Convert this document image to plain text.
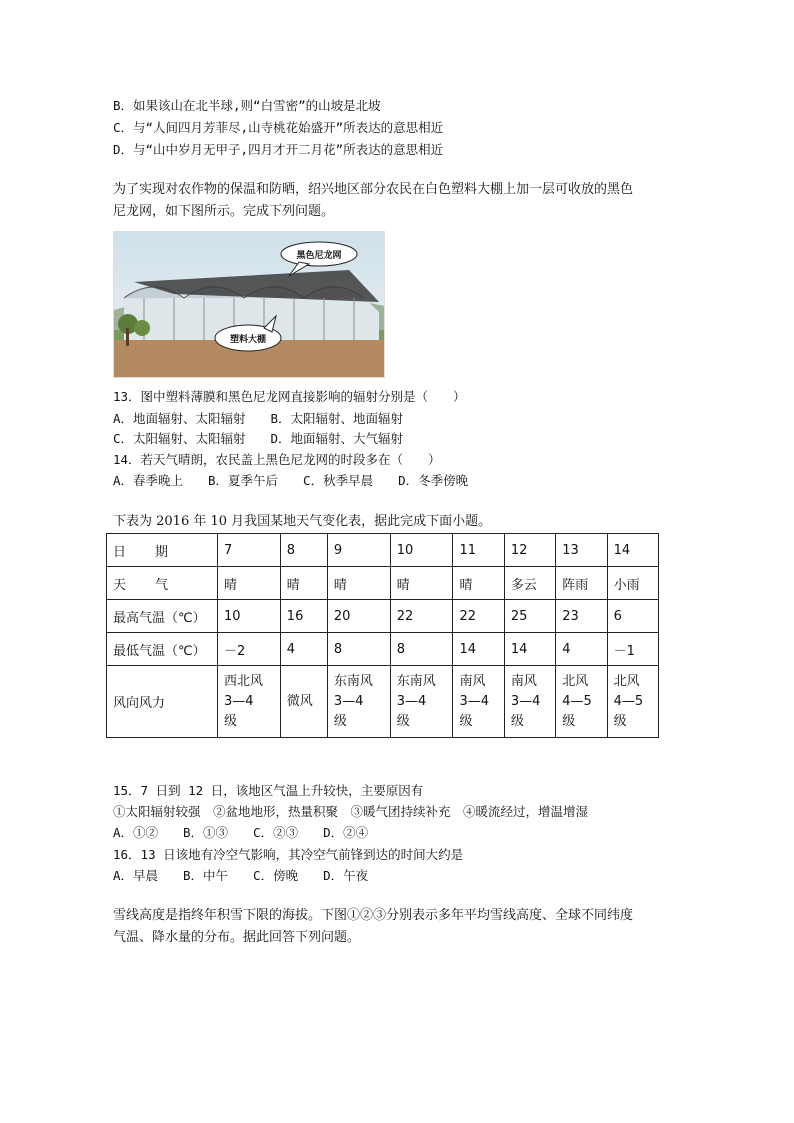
B．如果该山在北半球,则“白雪密”的山坡是北坡
C．与“人间四月芳菲尽,山寺桃花始盛开”所表达的意思相近
D．与“山中岁月无甲子,四月才开二月花”所表达的意思相近
为了实现对农作物的保温和防晒，绍兴地区部分农民在白色塑料大棚上加一层可收放的黑色
尼龙网，如下图所示。完成下列问题。
黑色尼龙网
塑料大棚
13．图中塑料薄膜和黑色尼龙网直接影响的辐射分别是（　　）
A．地面辐射、太阳辐射　　B．太阳辐射、地面辐射
C．太阳辐射、太阳辐射　　D．地面辐射、大气辐射
14．若天气晴朗，农民盖上黑色尼龙网的时段多在（　　）
A．春季晚上　　B．夏季午后　　C．秋季早晨　　D．冬季傍晚
下表为 2016 年 10 月我国某地天气变化表，据此完成下面小题。
日　　期	7	8	9	10	11	12	13	14
天　　气	晴	晴	晴	晴	晴	多云	阵雨	小雨
最高气温（℃）	10	16	20	22	22	25	23	6
最低气温（℃）	－2	4	8	8	14	14	4	－1
风向风力	西北风
3—4
级	微风	东南风
3—4
级	东南风
3—4
级	南风
3—4
级	南风
3—4
级	北风
4—5
级	北风
4—5
级
15．7 日到 12 日，该地区气温上升较快，主要原因有
①太阳辐射较强　②盆地地形，热量积聚　③暖气团持续补充　④暖流经过，增温增湿
A．①②　　B．①③　　C．②③　　D．②④
16．13 日该地有冷空气影响，其冷空气前锋到达的时间大约是
A．早晨　　B．中午　　C．傍晚　　D．午夜
雪线高度是指终年积雪下限的海拔。下图①②③分别表示多年平均雪线高度、全球不同纬度
气温、降水量的分布。据此回答下列问题。
